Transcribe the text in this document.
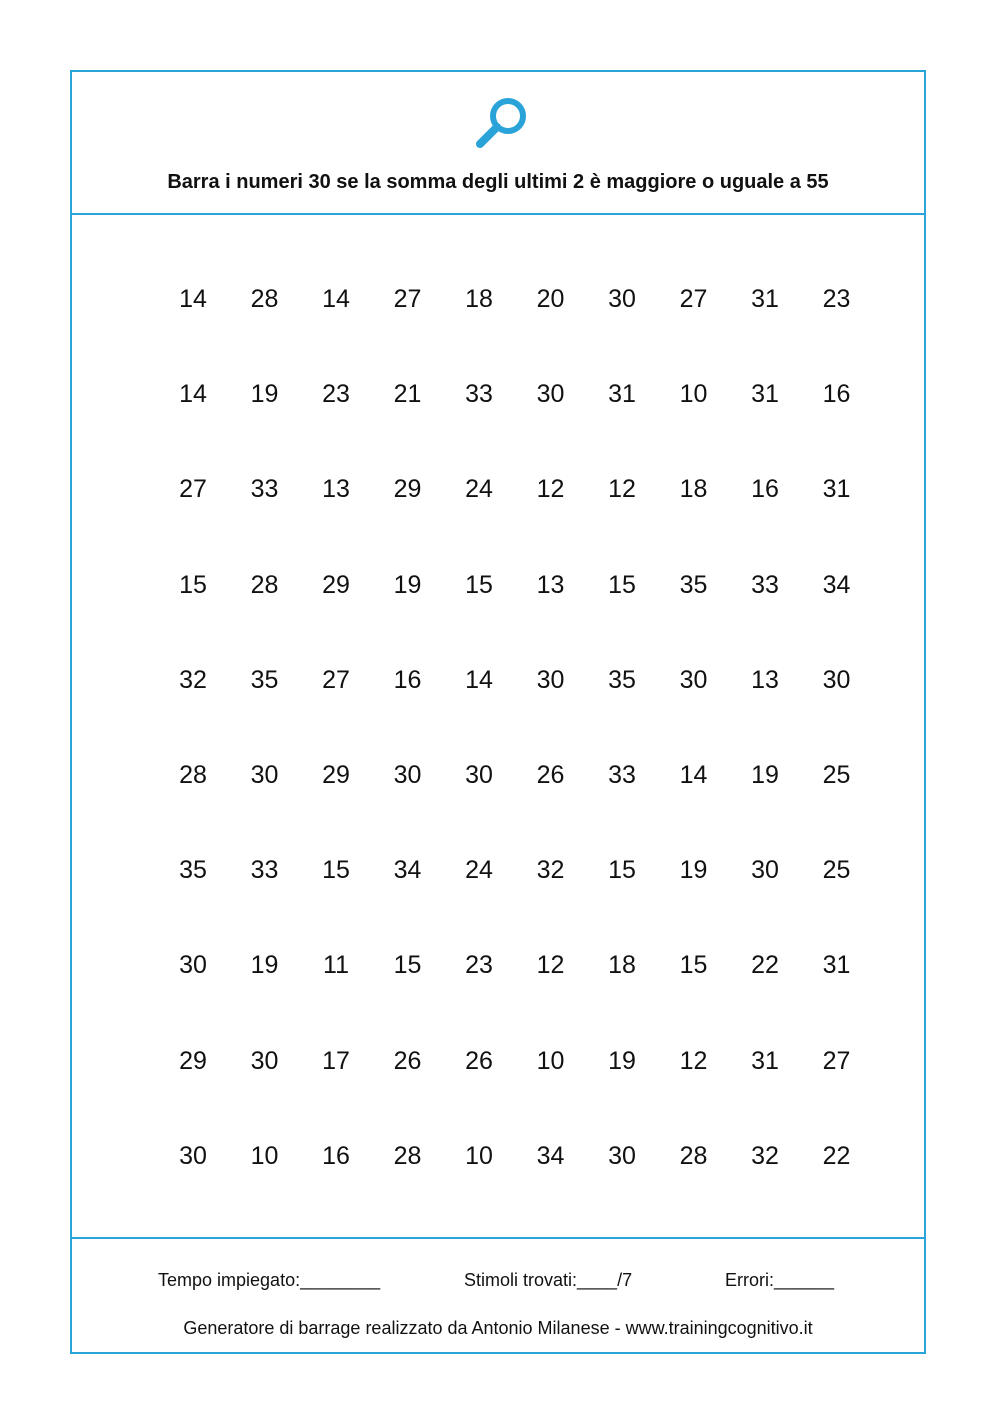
Barra i numeri 30 se la somma degli ultimi 2 è maggiore o uguale a 55
14	28	14	27	18	20	30	27	31	23
14	19	23	21	33	30	31	10	31	16
27	33	13	29	24	12	12	18	16	31
15	28	29	19	15	13	15	35	33	34
32	35	27	16	14	30	35	30	13	30
28	30	29	30	30	26	33	14	19	25
35	33	15	34	24	32	15	19	30	25
30	19	11	15	23	12	18	15	22	31
29	30	17	26	26	10	19	12	31	27
30	10	16	28	10	34	30	28	32	22
Tempo impiegato:________	Stimoli trovati:____/7	Errori:______
Generatore di barrage realizzato da Antonio Milanese - www.trainingcognitivo.it
